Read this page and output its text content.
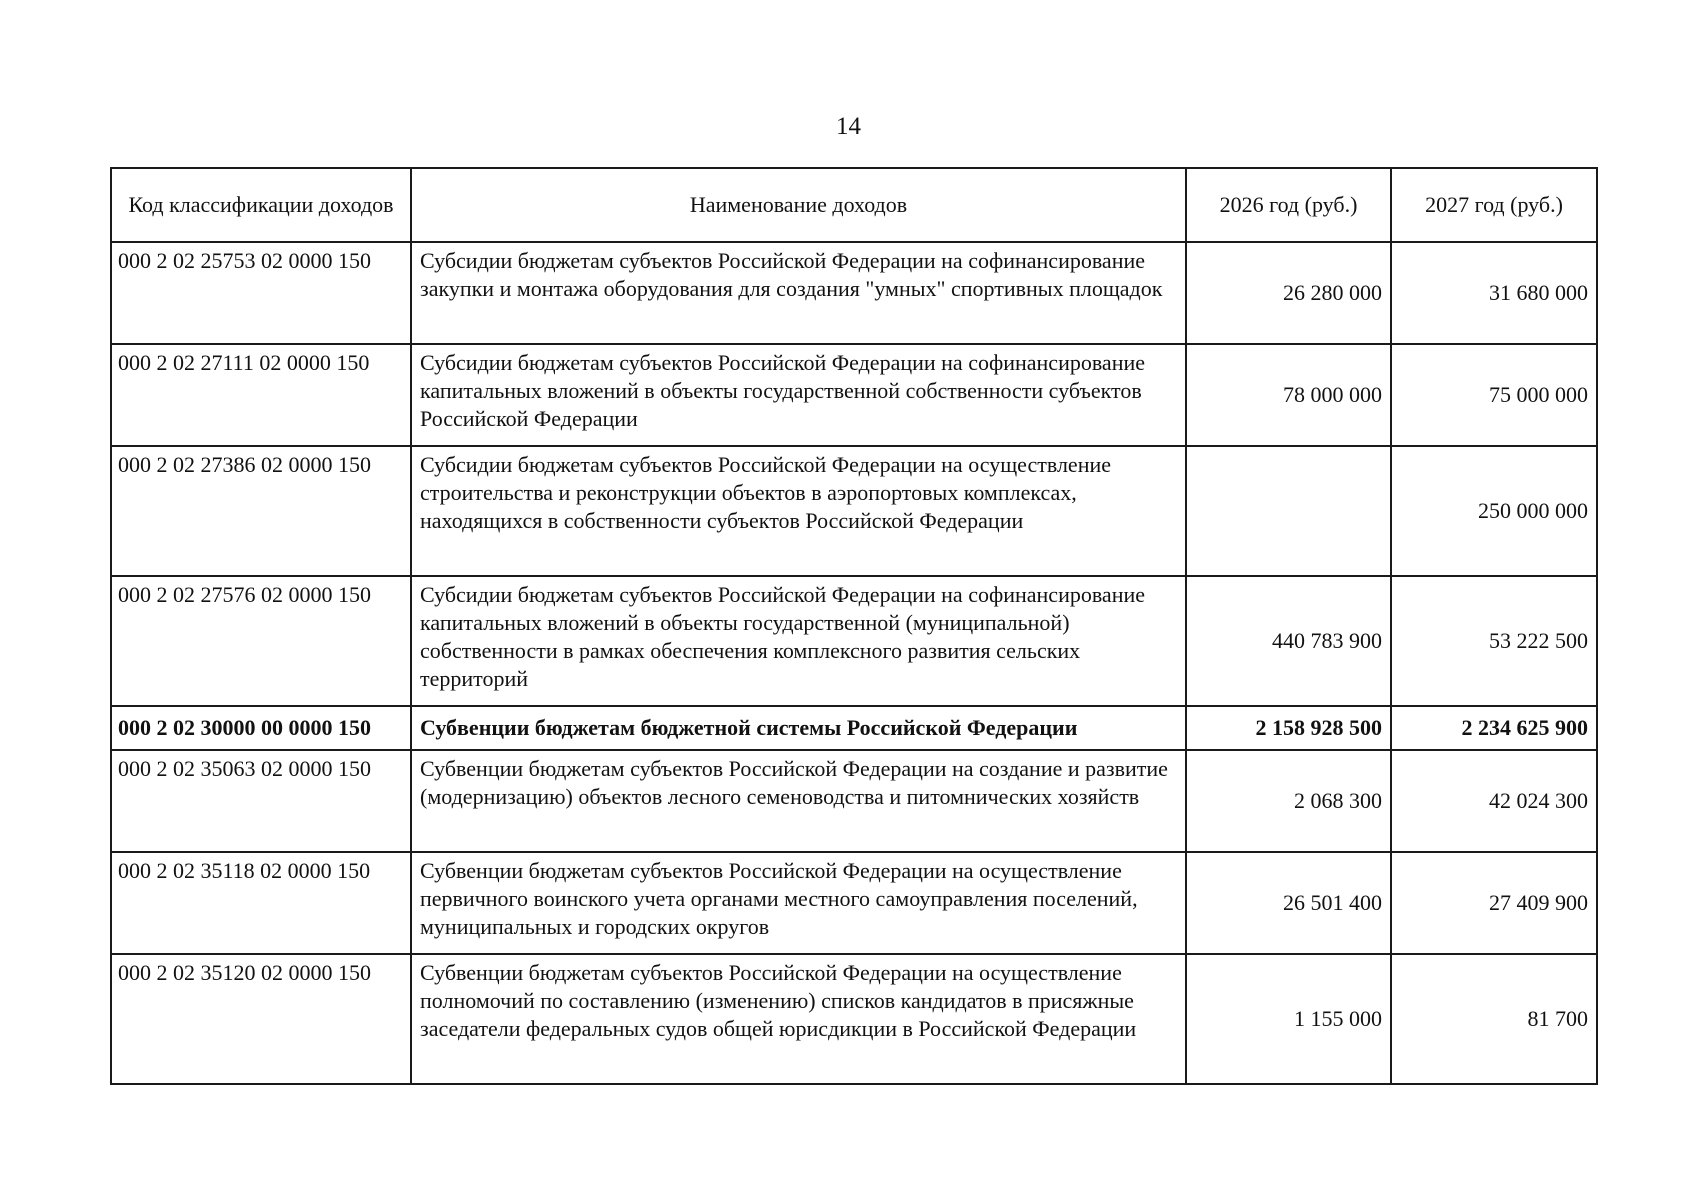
14
Код классификации доходов	Наименование доходов	2026 год (руб.)	2027 год (руб.)
000 2 02 25753 02 0000 150	Субсидии бюджетам субъектов Российской Федерации на софинансирование закупки и монтажа оборудования для создания "умных" спортивных площадок	26 280 000	31 680 000
000 2 02 27111 02 0000 150	Субсидии бюджетам субъектов Российской Федерации на софинансирование капитальных вложений в объекты государственной собственности субъектов Российской Федерации	78 000 000	75 000 000
000 2 02 27386 02 0000 150	Субсидии бюджетам субъектов Российской Федерации на осуществление строительства и реконструкции объектов в аэропортовых комплексах, находящихся в собственности субъектов Российской Федерации		250 000 000
000 2 02 27576 02 0000 150	Субсидии бюджетам субъектов Российской Федерации на софинансирование капитальных вложений в объекты государственной (муниципальной) собственности в рамках обеспечения комплексного развития сельских территорий	440 783 900	53 222 500
000 2 02 30000 00 0000 150	Субвенции бюджетам бюджетной системы Российской Федерации	2 158 928 500	2 234 625 900
000 2 02 35063 02 0000 150	Субвенции бюджетам субъектов Российской Федерации на создание и развитие (модернизацию) объектов лесного семеноводства и питомнических хозяйств	2 068 300	42 024 300
000 2 02 35118 02 0000 150	Субвенции бюджетам субъектов Российской Федерации на осуществление первичного воинского учета органами местного самоуправления поселений, муниципальных и городских округов	26 501 400	27 409 900
000 2 02 35120 02 0000 150	Субвенции бюджетам субъектов Российской Федерации на осуществление полномочий по составлению (изменению) списков кандидатов в присяжные заседатели федеральных судов общей юрисдикции в Российской Федерации	1 155 000	81 700
